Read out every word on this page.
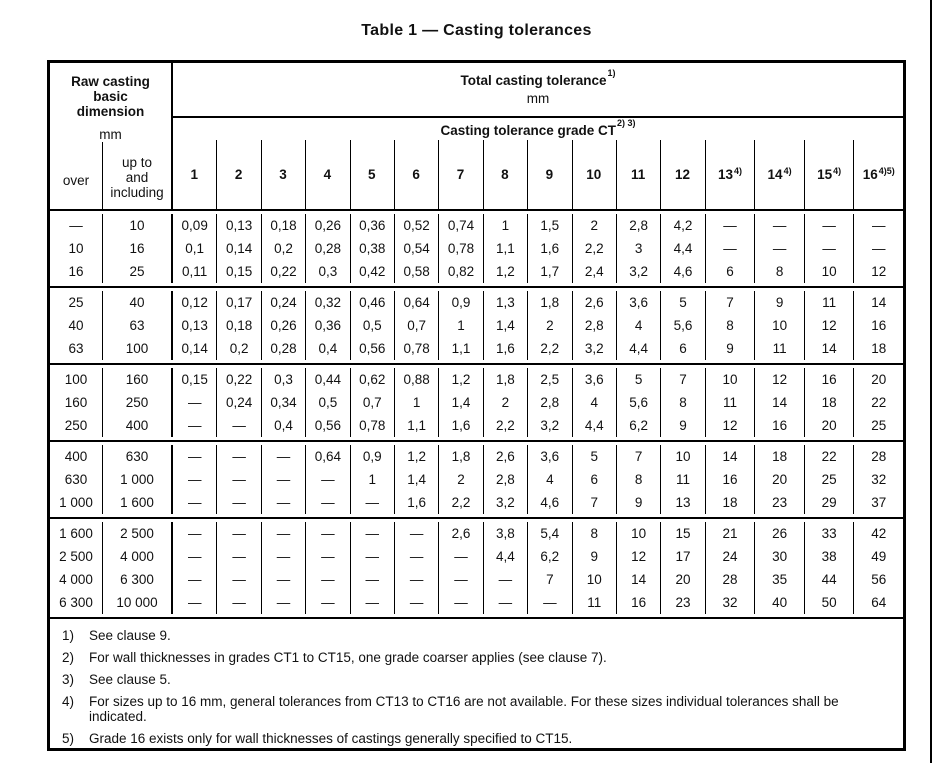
Table 1 — Casting tolerances
Raw casting
basic
dimension
mm
over
up to
and
including
Total casting tolerance$^{1)}$
mm
Casting tolerance grade $CT^{2) 3)}$
1	2	3	4	5	6	7	8	9 10 11 12 13$^{4)}$ 14$^{4)}$ 15$^{4)}$ $16^{4)5)}$
—	10	0,09	0,13	0,18	0,26	0,36	0,52	0,74	1	1,5	2	2,8	4,2	—	—	—	—
10	16	0,1	0,14	0,2	0,28	0,38	0,54	0,78	1,1	1,6	2,2	3	4,4	—	—	—	—
16	25	0,11	0,15	0,22	0,3	0,42	0,58	0,82	1,2	1,7	2,4	3,2	4,6	6	8	10	12
25	40	0,12	0,17	0,24	0,32	0,46	0,64	0,9	1,3	1,8	2,6	3,6	5	7	9	11	14
40	63	0,13	0,18	0,26	0,36	0,5	0,7	1	1,4	2	2,8	4	5,6	8	10	12	16
63	100	0,14	0,2	0,28	0,4	0,56	0,78	1,1	1,6	2,2	3,2	4,4	6	9	11	14	18
100	160	0,15	0,22	0,3	0,44	0,62	0,88	1,2	1,8	2,5	3,6	5	7	10	12	16	20
160	250	—	0,24	0,34	0,5	0,7	1	1,4	2	2,8	4	5,6	8	11	14	18	22
250	400	—	—	0,4	0,56	0,78	1,1	1,6	2,2	3,2	4,4	6,2	9	12	16	20	25
400	630	—	—	—	0,64	0,9	1,2	1,8	2,6	3,6	5	7	10	14	18	22	28
630	1 000	—	—	—	—	1	1,4	2	2,8	4	6	8	11	16	20	25	32
1 000	1 600	—	—	—	—	—	1,6	2,2	3,2	4,6	7	9	13	18	23	29	37
1 600	2 500	—	—	—	—	—	—	2,6	3,8	5,4	8	10	15	21	26	33	42
2 500	4 000	—	—	—	—	—	—	—	4,4	6,2	9	12	17	24	30	38	49
4 000	6 300	—	—	—	—	—	—	—	—	7	10	14	20	28	35	44	56
6 300	10 000	—	—	—	—	—	—	—	—	—	11	16	23	32	40	50	64
1)	See clause 9.
2)	For wall thicknesses in grades CT1 to CT15, one grade coarser applies (see clause 7).
3)	See clause 5.
4)	For sizes up to 16 mm, general tolerances from CT13 to CT16 are not available. For these sizes individual tolerances shall be indicated.
5)	Grade 16 exists only for wall thicknesses of castings generally specified to CT15.
